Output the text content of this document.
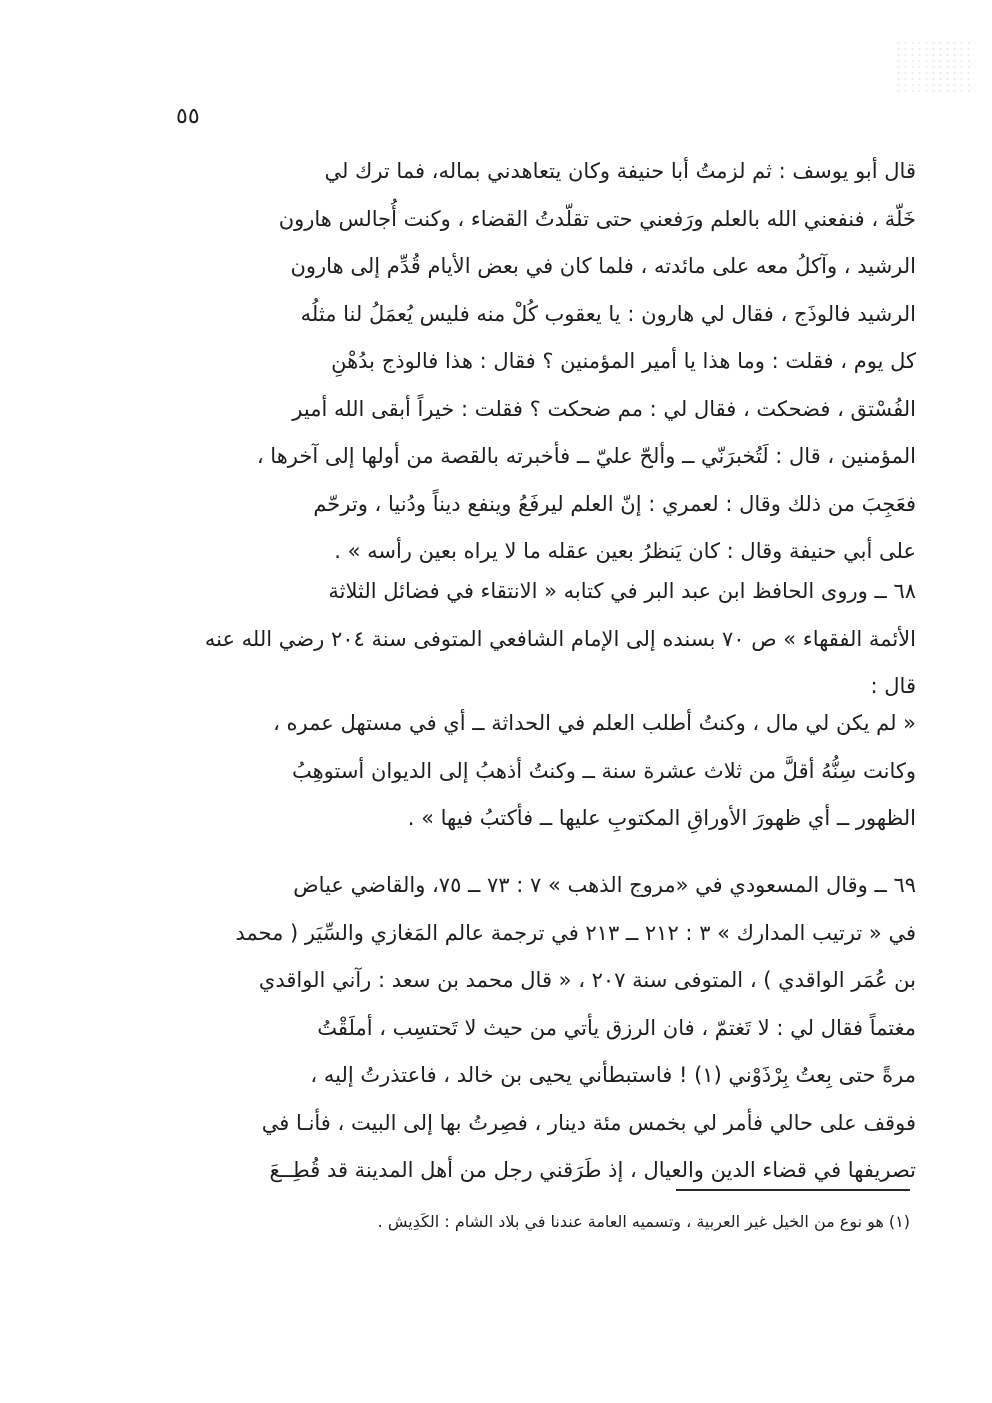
٥٥
قال أبو يوسف : ثم لزمتُ أبا حنيفة وكان يتعاهدني بماله، فما ترك لي
خَلّة ، فنفعني الله بالعلم ورَفعني حتى تقلّدتُ القضاء ، وكنت أُجالس هارون
الرشيد ، وآكلُ معه على مائدته ، فلما كان في بعض الأيام قُدِّم إلى هارون
الرشيد فالوذَج ، فقال لي هارون : يا يعقوب كُلْ منه فليس يُعمَلُ لنا مثلُه
كل يوم ، فقلت : وما هذا يا أمير المؤمنين ؟ فقال : هذا فالوذج بدُهْنِ
الفُسْتق ، فضحكت ، فقال لي : مم ضحكت ؟ فقلت : خيراً أبقى الله أمير
المؤمنين ، قال : لَتُخبرَنّي ــ وألحّ عليّ ــ فأخبرته بالقصة من أولها إلى آخرها ،
فعَجِبَ من ذلك وقال : لعمري : إنّ العلم ليرفَعُ وينفع ديناً ودُنيا ، وترحّم
على أبي حنيفة وقال : كان يَنظرُ بعين عقله ما لا يراه بعين رأسه » .
٦٨ ــ وروى الحافظ ابن عبد البر في كتابه « الانتقاء في فضائل الثلاثة
الأئمة الفقهاء » ص ٧٠ بسنده إلى الإمام الشافعي المتوفى سنة ٢٠٤ رضي الله عنه
قال :
« لم يكن لي مال ، وكنتُ أطلب العلم في الحداثة ــ أي في مستهل عمره ،
وكانت سِنُّهُ أقلَّ من ثلاث عشرة سنة ــ وكنتُ أذهبُ إلى الديوان أستوهِبُ
الظهور ــ أي ظهورَ الأوراقِ المكتوبِ عليها ــ فأكتبُ فيها » .
٦٩ ــ وقال المسعودي في «مروج الذهب » ٧ : ٧٣ ــ ٧٥، والقاضي عياض
في « ترتيب المدارك » ٣ : ٢١٢ ــ ٢١٣ في ترجمة عالم المَغازي والسِّيَر ( محمد
بن عُمَر الواقدي ) ، المتوفى سنة ٢٠٧ ، « قال محمد بن سعد : رآني الواقدي
مغتماً فقال لي : لا تَغتمّ ، فان الرزق يأتي من حيث لا تَحتسِب ، أملَقْتُ
مرةً حتى بِعتُ بِرْذَوْني (١) ! فاستبطأني يحيى بن خالد ، فاعتذرتُ إليه ،
فوقف على حالي فأمر لي بخمس مئة دينار ، فصِرتُ بها إلى البيت ، فأنـا في
تصريفها في قضاء الدين والعيال ، إذ طَرَقني رجل من أهل المدينة قد قُطِــعَ
(١) هو نوع من الخيل غير العربية ، وتسميه العامة عندنا في بلاد الشام : الكَدِيش .
